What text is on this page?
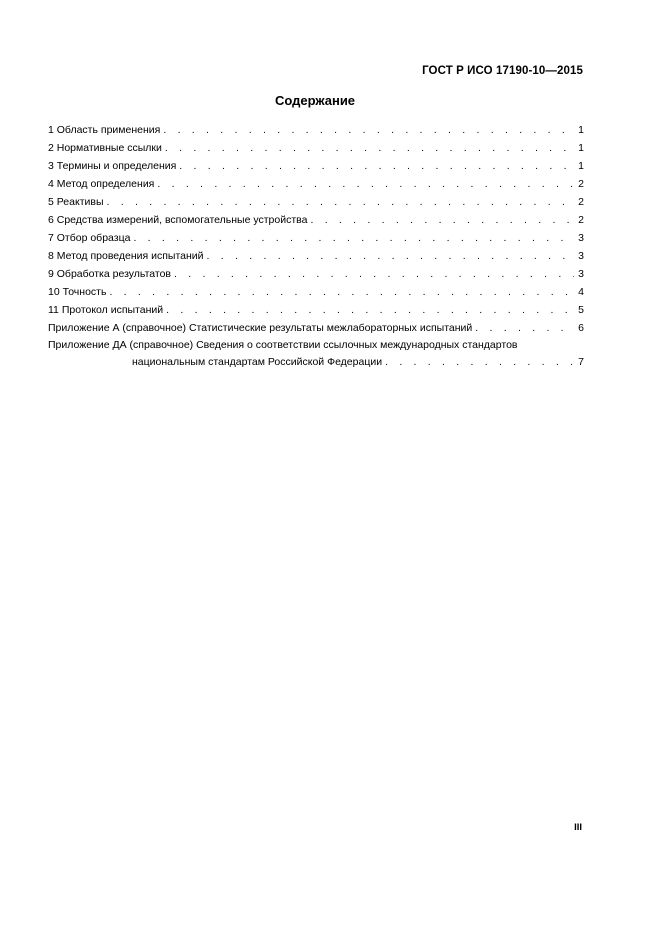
ГОСТ Р ИСО 17190-10—2015
Содержание
1 Область применения . . .	1
2 Нормативные ссылки . . .	1
3 Термины и определения . . .	1
4 Метод определения . . .	2
5 Реактивы . . .	2
6 Средства измерений, вспомогательные устройства . . .	2
7 Отбор образца . . .	3
8 Метод проведения испытаний . . .	3
9 Обработка результатов . . .	3
10 Точность . . .	4
11 Протокол испытаний . . .	5
Приложение А (справочное) Статистические результаты межлабораторных испытаний . . .	6
Приложение ДА (справочное) Сведения о соответствии ссылочных международных стандартов
национальным стандартам Российской Федерации . . .	7
III
